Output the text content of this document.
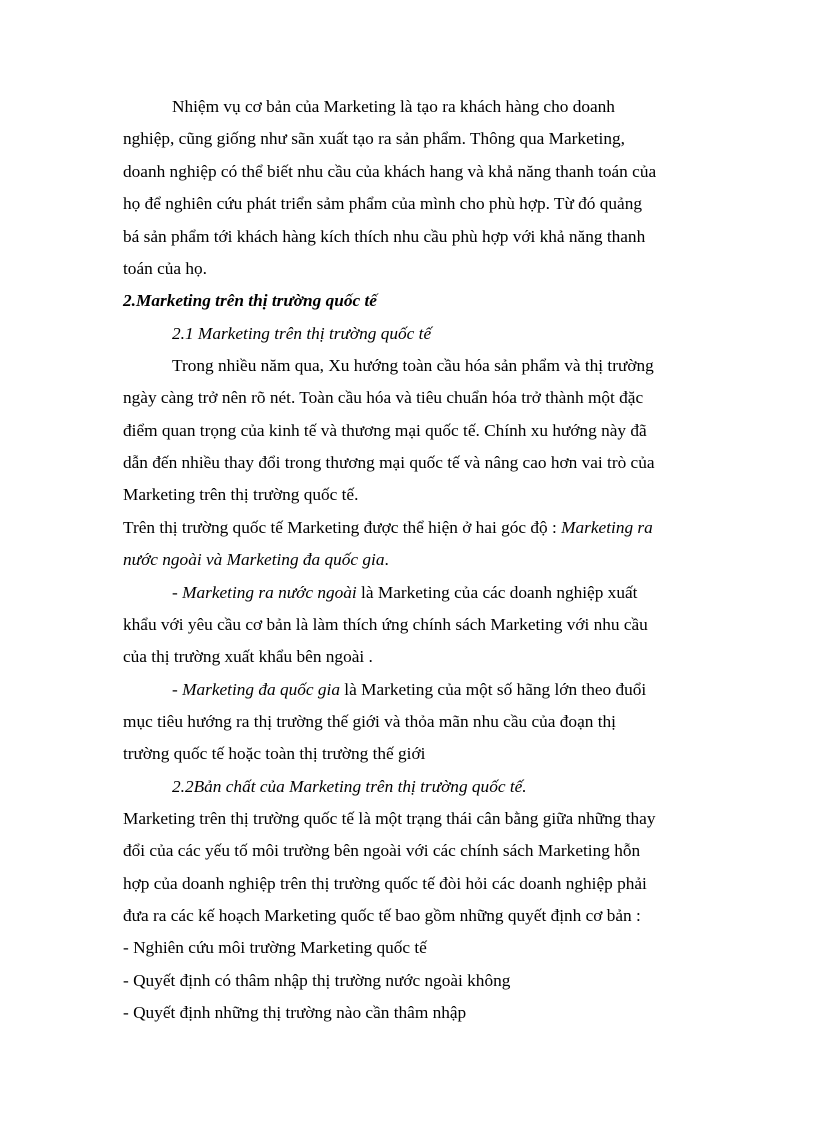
Nhiệm vụ cơ bản của Marketing là tạo ra khách hàng cho doanh
nghiệp, cũng giống như sãn xuất tạo ra sản phẩm. Thông qua Marketing,
doanh nghiệp có thể biết nhu cầu của khách hang và khả năng thanh toán của
họ để nghiên cứu phát triển sảm phẩm của mình cho phù hợp. Từ đó quảng
bá sản phẩm tới khách hàng kích thích nhu cầu phù hợp với khả năng thanh
toán của họ.
2.Marketing trên thị trường quốc tế
2.1 Marketing trên thị trường quốc tế
Trong nhiều năm qua, Xu hướng toàn cầu hóa sản phẩm và thị trường
ngày càng trở nên rõ nét. Toàn cầu hóa và tiêu chuẩn hóa trở thành một đặc
điểm quan trọng của kinh tế và thương mại quốc tế. Chính xu hướng này đã
dẫn đến nhiều thay đổi trong thương mại quốc tế và nâng cao hơn vai trò của
Marketing trên thị trường quốc tế.
Trên thị trường quốc tế Marketing được thể hiện ở hai góc độ : Marketing ra
nước ngoài và Marketing đa quốc gia.
- Marketing ra nước ngoài là Marketing của các doanh nghiệp xuất
khẩu với yêu cầu cơ bản là làm thích ứng chính sách Marketing với nhu cầu
của thị trường xuất khẩu bên ngoài .
- Marketing đa quốc gia là Marketing của một số hãng lớn theo đuổi
mục tiêu hướng ra thị trường thế giới và thỏa mãn nhu cầu của đoạn thị
trường quốc tế hoặc toàn thị trường thế giới
2.2Bản chất của Marketing trên thị trường quốc tế.
Marketing trên thị trường quốc tế là một trạng thái cân bằng giữa những thay
đổi của các yếu tố môi trường bên ngoài với các chính sách Marketing hỗn
hợp của doanh nghiệp trên thị trường quốc tế đòi hỏi các doanh nghiệp phải
đưa ra các kế hoạch Marketing quốc tế bao gồm những quyết định cơ bản :
- Nghiên cứu môi trường Marketing quốc tế
- Quyết định có thâm nhập thị trường nước ngoài không
- Quyết định những thị trường nào cần thâm nhập
